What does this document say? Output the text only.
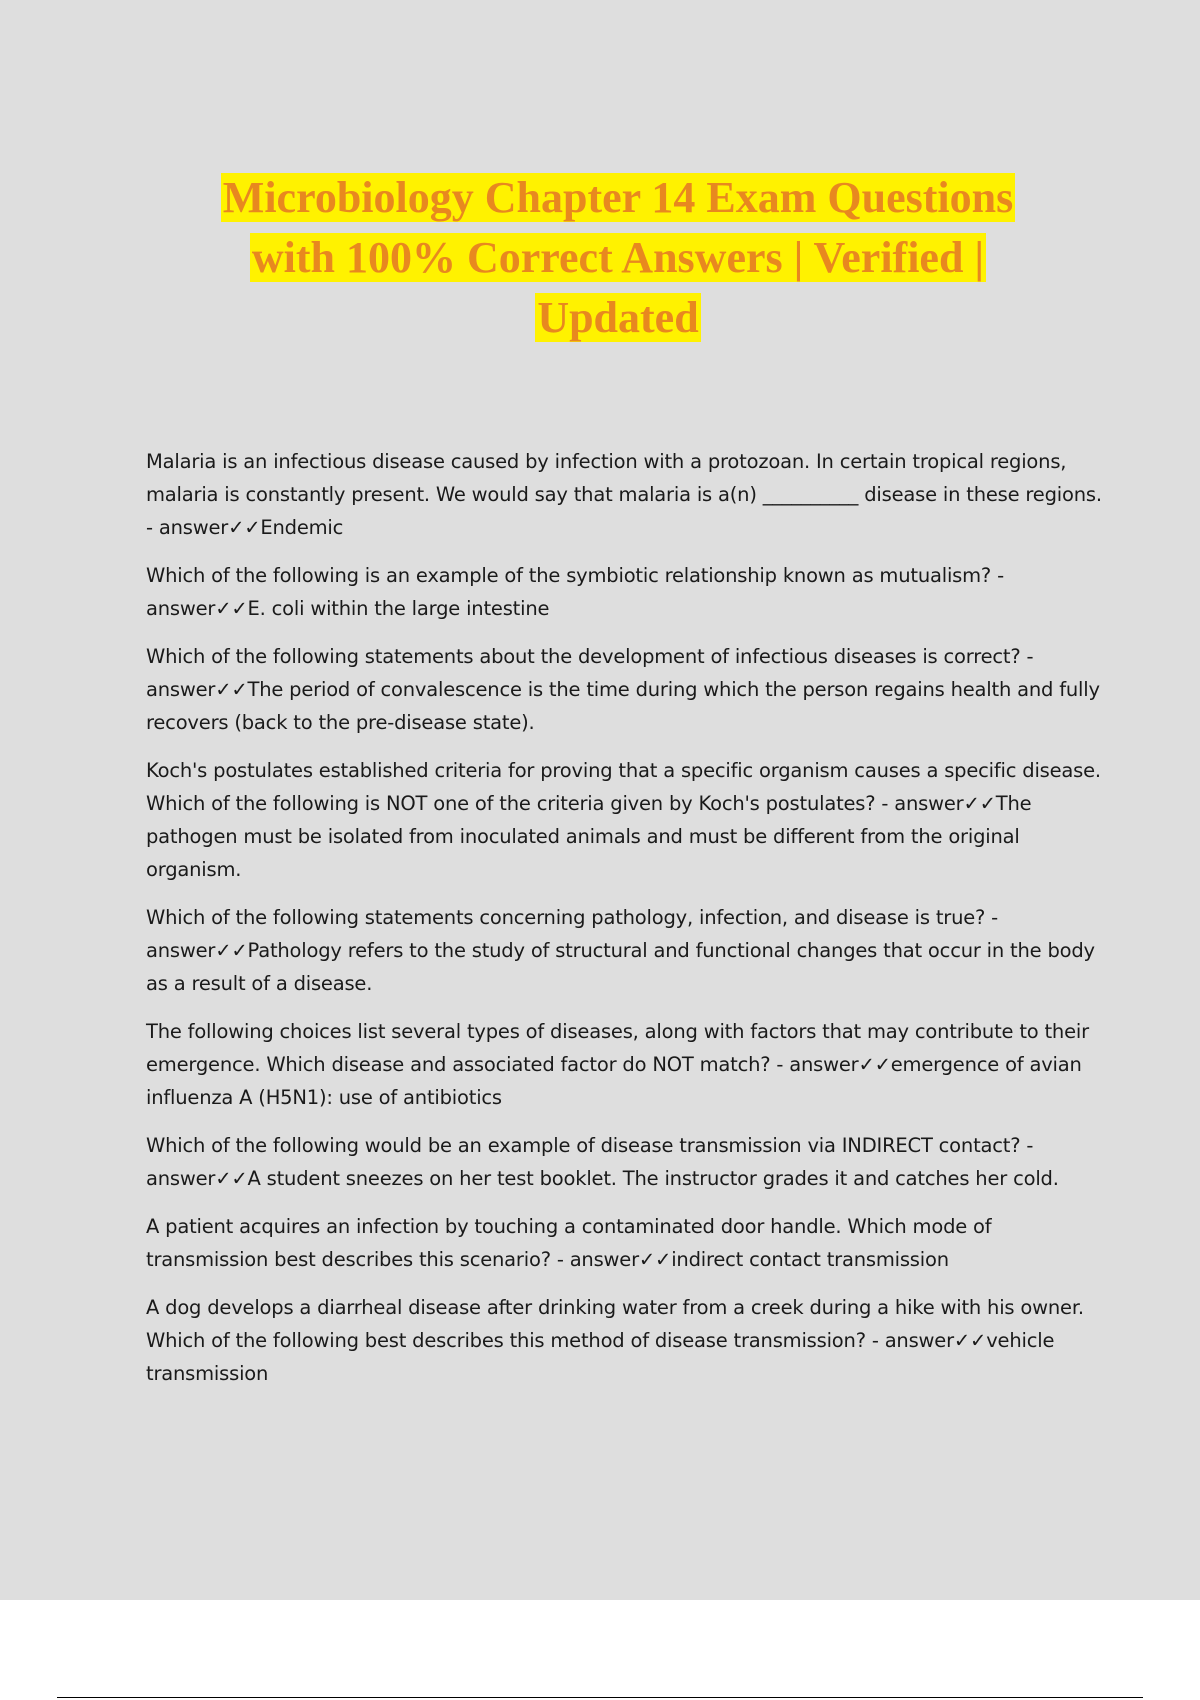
Microbiology Chapter 14 Exam Questions
with 100% Correct Answers | Verified |
Updated
Malaria is an infectious disease caused by infection with a protozoan. In certain tropical regions, malaria is constantly present. We would say that malaria is a(n) __________ disease in these regions. - answer✓✓Endemic
Which of the following is an example of the symbiotic relationship known as mutualism? - answer✓✓E. coli within the large intestine
Which of the following statements about the development of infectious diseases is correct? - answer✓✓The period of convalescence is the time during which the person regains health and fully recovers (back to the pre-disease state).
Koch's postulates established criteria for proving that a specific organism causes a specific disease. Which of the following is NOT one of the criteria given by Koch's postulates? - answer✓✓The pathogen must be isolated from inoculated animals and must be different from the original organism.
Which of the following statements concerning pathology, infection, and disease is true? - answer✓✓Pathology refers to the study of structural and functional changes that occur in the body as a result of a disease.
The following choices list several types of diseases, along with factors that may contribute to their emergence. Which disease and associated factor do NOT match? - answer✓✓emergence of avian influenza A (H5N1): use of antibiotics
Which of the following would be an example of disease transmission via INDIRECT contact? - answer✓✓A student sneezes on her test booklet. The instructor grades it and catches her cold.
A patient acquires an infection by touching a contaminated door handle. Which mode of transmission best describes this scenario? - answer✓✓indirect contact transmission
A dog develops a diarrheal disease after drinking water from a creek during a hike with his owner. Which of the following best describes this method of disease transmission? - answer✓✓vehicle transmission
